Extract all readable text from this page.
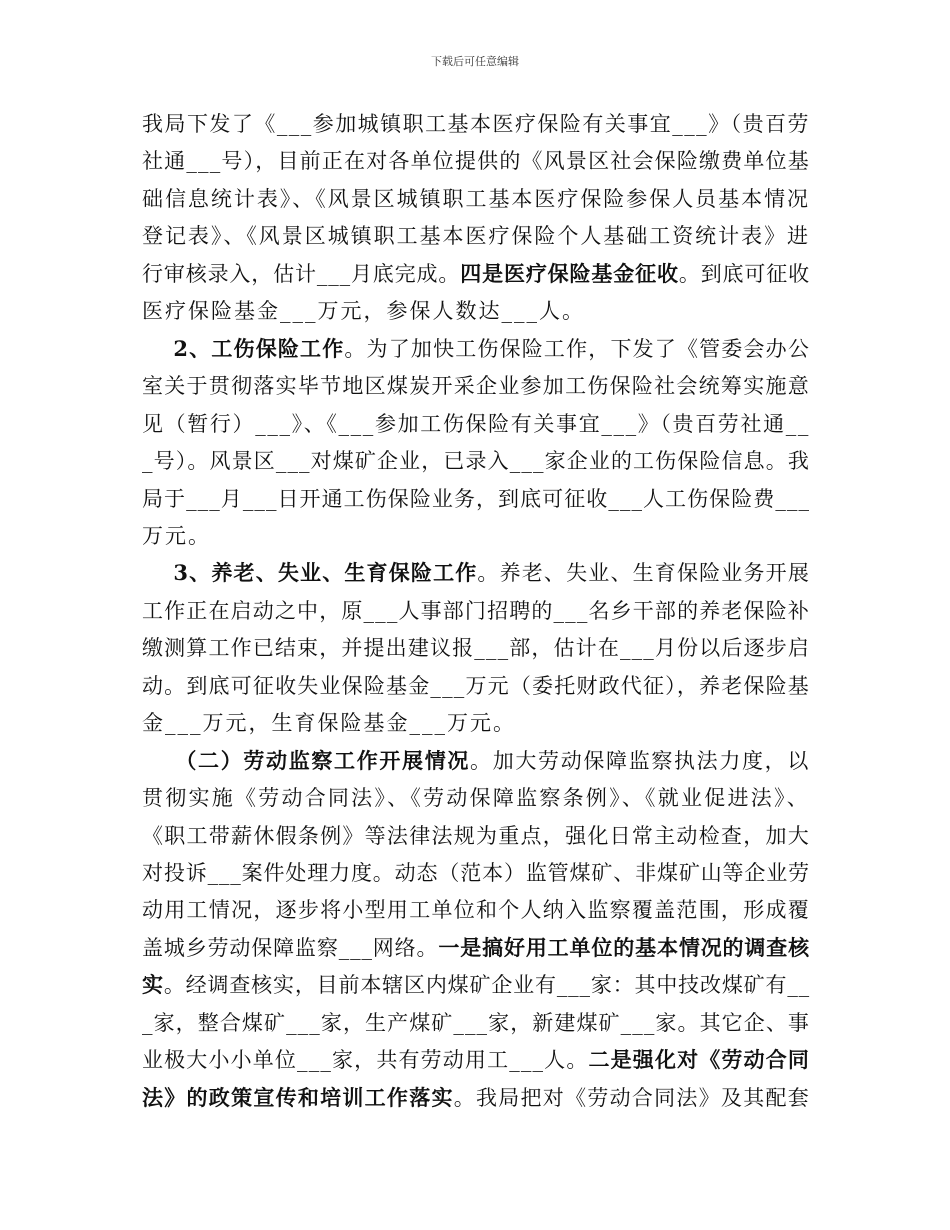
下载后可任意编辑

我局下发了《___参加城镇职工基本医疗保险有关事宜___》（贵百劳

社通___号），目前正在对各单位提供的《风景区社会保险缴费单位基

础信息统计表》、《风景区城镇职工基本医疗保险参保人员基本情况

登记表》、《风景区城镇职工基本医疗保险个人基础工资统计表》进

行审核录入，估计___月底完成。四是医疗保险基金征收。到底可征收

医疗保险基金___万元，参保人数达___人。

2、工伤保险工作。为了加快工伤保险工作，下发了《管委会办公

室关于贯彻落实毕节地区煤炭开采企业参加工伤保险社会统筹实施意

见（暂行）___》、《___参加工伤保险有关事宜___》（贵百劳社通__

_号）。风景区___对煤矿企业，已录入___家企业的工伤保险信息。我

局于___月___日开通工伤保险业务，到底可征收___人工伤保险费___

万元。

3、养老、失业、生育保险工作。养老、失业、生育保险业务开展

工作正在启动之中，原___人事部门招聘的___名乡干部的养老保险补

缴测算工作已结束，并提出建议报___部，估计在___月份以后逐步启

动。到底可征收失业保险基金___万元（委托财政代征），养老保险基

金___万元，生育保险基金___万元。

（二）劳动监察工作开展情况。加大劳动保障监察执法力度，以

贯彻实施《劳动合同法》、《劳动保障监察条例》、《就业促进法》、

《职工带薪休假条例》等法律法规为重点，强化日常主动检查，加大

对投诉___案件处理力度。动态（范本）监管煤矿、非煤矿山等企业劳

动用工情况，逐步将小型用工单位和个人纳入监察覆盖范围，形成覆

盖城乡劳动保障监察___网络。一是搞好用工单位的基本情况的调查核

实。经调查核实，目前本辖区内煤矿企业有___家：其中技改煤矿有__

_家，整合煤矿___家，生产煤矿___家，新建煤矿___家。其它企、事

业极大小小单位___家，共有劳动用工___人。二是强化对《劳动合同

法》的政策宣传和培训工作落实。我局把对《劳动合同法》及其配套
